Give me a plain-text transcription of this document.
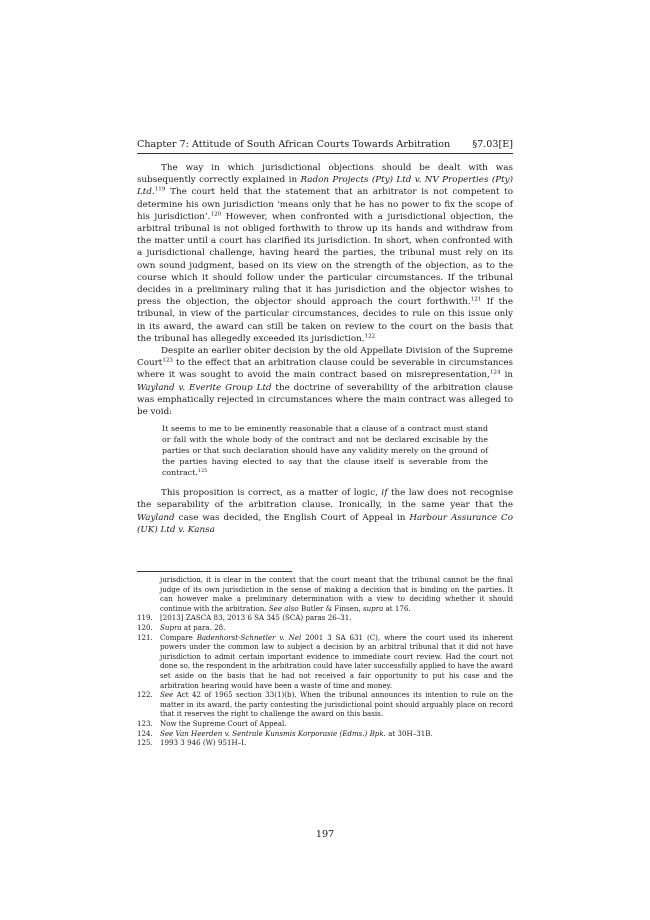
Chapter 7: Attitude of South African Courts Towards Arbitration §7.03[E]

The way in which jurisdictional objections should be dealt with was subsequently correctly explained in Radon Projects (Pty) Ltd v. NV Properties (Pty) Ltd.$^{119}$ The court held that the statement that an arbitrator is not competent to determine his own jurisdiction ‘means only that he has no power to fix the scope of his jurisdiction’.$^{120}$ However, when confronted with a jurisdictional objection, the arbitral tribunal is not obliged forthwith to throw up its hands and withdraw from the matter until a court has clarified its jurisdiction. In short, when confronted with a jurisdictional challenge, having heard the parties, the tribunal must rely on its own sound judgment, based on its view on the strength of the objection, as to the course which it should follow under the particular circumstances. If the tribunal decides in a preliminary ruling that it has jurisdiction and the objector wishes to press the objection, the objector should approach the court forthwith.$^{121}$ If the tribunal, in view of the particular circumstances, decides to rule on this issue only in its award, the award can still be taken on review to the court on the basis that the tribunal has allegedly exceeded its jurisdiction.$^{122}$

Despite an earlier obiter decision by the old Appellate Division of the Supreme Court$^{123}$ to the effect that an arbitration clause could be severable in circumstances where it was sought to avoid the main contract based on misrepresentation,$^{124}$ in Wayland v. Everite Group Ltd the doctrine of severability of the arbitration clause was emphatically rejected in circumstances where the main contract was alleged to be void:

It seems to me to be eminently reasonable that a clause of a contract must stand or fall with the whole body of the contract and not be declared excisable by the parties or that such declaration should have any validity merely on the ground of the parties having elected to say that the clause itself is severable from the contract.$^{125}$

This proposition is correct, as a matter of logic, if the law does not recognise the separability of the arbitration clause. Ironically, in the same year that the Wayland case was decided, the English Court of Appeal in Harbour Assurance Co (UK) Ltd v. Kansa

jurisdiction, it is clear in the context that the court meant that the tribunal cannot be the final judge of its own jurisdiction in the sense of making a decision that is binding on the parties. It can however make a preliminary determination with a view to deciding whether it should continue with the arbitration. See also Butler & Finsen, supra at 176.
119. [2013] ZASCA 83, 2013 6 SA 345 (SCA) paras 26–31.
120. Supra at para. 28.
121. Compare Badenhorst-Schnetler v. Nel 2001 3 SA 631 (C), where the court used its inherent powers under the common law to subject a decision by an arbitral tribunal that it did not have jurisdiction to admit certain important evidence to immediate court review. Had the court not done so, the respondent in the arbitration could have later successfully applied to have the award set aside on the basis that he had not received a fair opportunity to put his case and the arbitration hearing would have been a waste of time and money.
122. See Act 42 of 1965 section 33(1)(b). When the tribunal announces its intention to rule on the matter in its award, the party contesting the jurisdictional point should arguably place on record that it reserves the right to challenge the award on this basis.
123. Now the Supreme Court of Appeal.
124. See Van Heerden v. Sentrale Kunsmis Korporasie (Edms.) Bpk. at 30H–31B.
125. 1993 3 946 (W) 951H–I.
197
